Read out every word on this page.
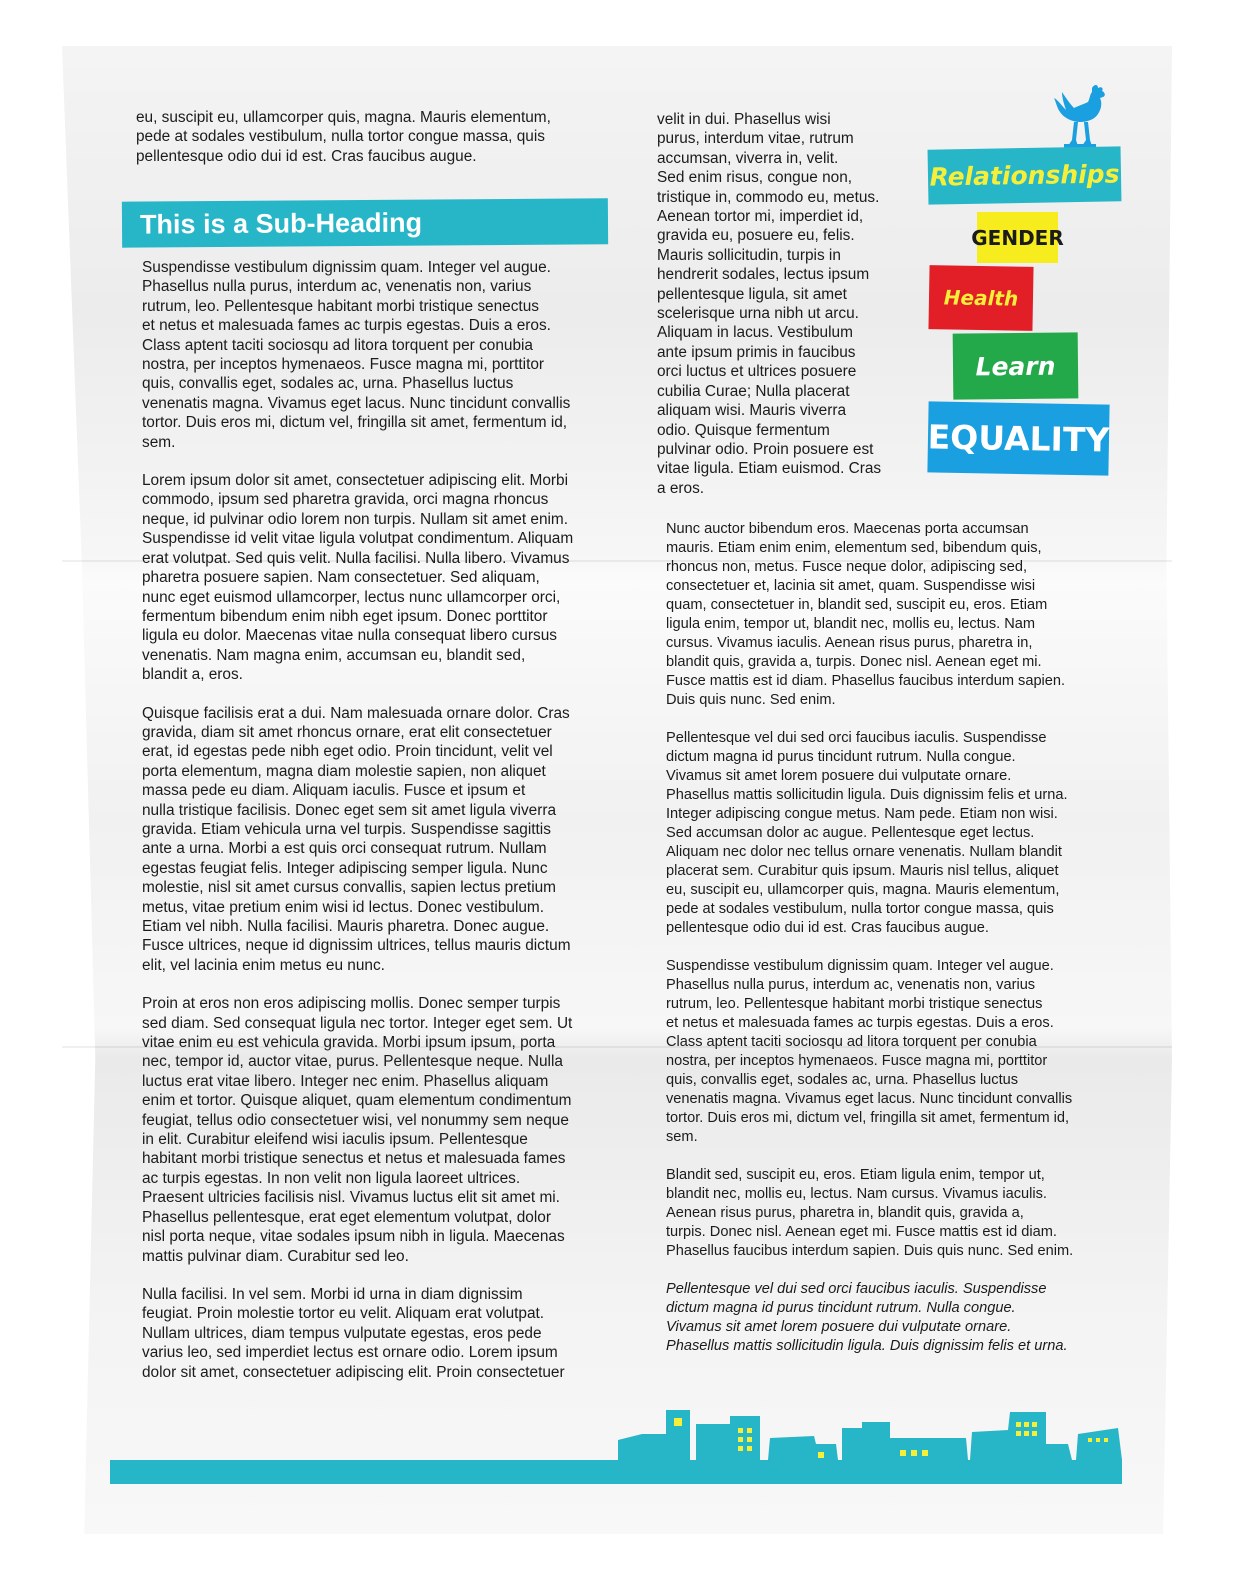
eu, suscipit eu, ullamcorper quis, magna. Mauris elementum,
pede at sodales vestibulum, nulla tortor congue massa, quis
pellentesque odio dui id est. Cras faucibus augue.

This is a Sub-Heading

Suspendisse vestibulum dignissim quam. Integer vel augue.
Phasellus nulla purus, interdum ac, venenatis non, varius
rutrum, leo. Pellentesque habitant morbi tristique senectus
et netus et malesuada fames ac turpis egestas. Duis a eros.
Class aptent taciti sociosqu ad litora torquent per conubia
nostra, per inceptos hymenaeos. Fusce magna mi, porttitor
quis, convallis eget, sodales ac, urna. Phasellus luctus
venenatis magna. Vivamus eget lacus. Nunc tincidunt convallis
tortor. Duis eros mi, dictum vel, fringilla sit amet, fermentum id,
sem.

Lorem ipsum dolor sit amet, consectetuer adipiscing elit. Morbi
commodo, ipsum sed pharetra gravida, orci magna rhoncus
neque, id pulvinar odio lorem non turpis. Nullam sit amet enim.
Suspendisse id velit vitae ligula volutpat condimentum. Aliquam
erat volutpat. Sed quis velit. Nulla facilisi. Nulla libero. Vivamus
pharetra posuere sapien. Nam consectetuer. Sed aliquam,
nunc eget euismod ullamcorper, lectus nunc ullamcorper orci,
fermentum bibendum enim nibh eget ipsum. Donec porttitor
ligula eu dolor. Maecenas vitae nulla consequat libero cursus
venenatis. Nam magna enim, accumsan eu, blandit sed,
blandit a, eros.

Quisque facilisis erat a dui. Nam malesuada ornare dolor. Cras
gravida, diam sit amet rhoncus ornare, erat elit consectetuer
erat, id egestas pede nibh eget odio. Proin tincidunt, velit vel
porta elementum, magna diam molestie sapien, non aliquet
massa pede eu diam. Aliquam iaculis. Fusce et ipsum et
nulla tristique facilisis. Donec eget sem sit amet ligula viverra
gravida. Etiam vehicula urna vel turpis. Suspendisse sagittis
ante a urna. Morbi a est quis orci consequat rutrum. Nullam
egestas feugiat felis. Integer adipiscing semper ligula. Nunc
molestie, nisl sit amet cursus convallis, sapien lectus pretium
metus, vitae pretium enim wisi id lectus. Donec vestibulum.
Etiam vel nibh. Nulla facilisi. Mauris pharetra. Donec augue.
Fusce ultrices, neque id dignissim ultrices, tellus mauris dictum
elit, vel lacinia enim metus eu nunc.

Proin at eros non eros adipiscing mollis. Donec semper turpis
sed diam. Sed consequat ligula nec tortor. Integer eget sem. Ut
vitae enim eu est vehicula gravida. Morbi ipsum ipsum, porta
nec, tempor id, auctor vitae, purus. Pellentesque neque. Nulla
luctus erat vitae libero. Integer nec enim. Phasellus aliquam
enim et tortor. Quisque aliquet, quam elementum condimentum
feugiat, tellus odio consectetuer wisi, vel nonummy sem neque
in elit. Curabitur eleifend wisi iaculis ipsum. Pellentesque
habitant morbi tristique senectus et netus et malesuada fames
ac turpis egestas. In non velit non ligula laoreet ultrices.
Praesent ultricies facilisis nisl. Vivamus luctus elit sit amet mi.
Phasellus pellentesque, erat eget elementum volutpat, dolor
nisl porta neque, vitae sodales ipsum nibh in ligula. Maecenas
mattis pulvinar diam. Curabitur sed leo.

Nulla facilisi. In vel sem. Morbi id urna in diam dignissim
feugiat. Proin molestie tortor eu velit. Aliquam erat volutpat.
Nullam ultrices, diam tempus vulputate egestas, eros pede
varius leo, sed imperdiet lectus est ornare odio. Lorem ipsum
dolor sit amet, consectetuer adipiscing elit. Proin consectetuer

velit in dui. Phasellus wisi
purus, interdum vitae, rutrum
accumsan, viverra in, velit.
Sed enim risus, congue non,
tristique in, commodo eu, metus.
Aenean tortor mi, imperdiet id,
gravida eu, posuere eu, felis.
Mauris sollicitudin, turpis in
hendrerit sodales, lectus ipsum
pellentesque ligula, sit amet
scelerisque urna nibh ut arcu.
Aliquam in lacus. Vestibulum
ante ipsum primis in faucibus
orci luctus et ultrices posuere
cubilia Curae; Nulla placerat
aliquam wisi. Mauris viverra
odio. Quisque fermentum
pulvinar odio. Proin posuere est
vitae ligula. Etiam euismod. Cras
a eros.

Relationships
GENDER
Health
Learn
EQUALITY

Nunc auctor bibendum eros. Maecenas porta accumsan
mauris. Etiam enim enim, elementum sed, bibendum quis,
rhoncus non, metus. Fusce neque dolor, adipiscing sed,
consectetuer et, lacinia sit amet, quam. Suspendisse wisi
quam, consectetuer in, blandit sed, suscipit eu, eros. Etiam
ligula enim, tempor ut, blandit nec, mollis eu, lectus. Nam
cursus. Vivamus iaculis. Aenean risus purus, pharetra in,
blandit quis, gravida a, turpis. Donec nisl. Aenean eget mi.
Fusce mattis est id diam. Phasellus faucibus interdum sapien.
Duis quis nunc. Sed enim.

Pellentesque vel dui sed orci faucibus iaculis. Suspendisse
dictum magna id purus tincidunt rutrum. Nulla congue.
Vivamus sit amet lorem posuere dui vulputate ornare.
Phasellus mattis sollicitudin ligula. Duis dignissim felis et urna.
Integer adipiscing congue metus. Nam pede. Etiam non wisi.
Sed accumsan dolor ac augue. Pellentesque eget lectus.
Aliquam nec dolor nec tellus ornare venenatis. Nullam blandit
placerat sem. Curabitur quis ipsum. Mauris nisl tellus, aliquet
eu, suscipit eu, ullamcorper quis, magna. Mauris elementum,
pede at sodales vestibulum, nulla tortor congue massa, quis
pellentesque odio dui id est. Cras faucibus augue.

Suspendisse vestibulum dignissim quam. Integer vel augue.
Phasellus nulla purus, interdum ac, venenatis non, varius
rutrum, leo. Pellentesque habitant morbi tristique senectus
et netus et malesuada fames ac turpis egestas. Duis a eros.
Class aptent taciti sociosqu ad litora torquent per conubia
nostra, per inceptos hymenaeos. Fusce magna mi, porttitor
quis, convallis eget, sodales ac, urna. Phasellus luctus
venenatis magna. Vivamus eget lacus. Nunc tincidunt convallis
tortor. Duis eros mi, dictum vel, fringilla sit amet, fermentum id,
sem.

Blandit sed, suscipit eu, eros. Etiam ligula enim, tempor ut,
blandit nec, mollis eu, lectus. Nam cursus. Vivamus iaculis.
Aenean risus purus, pharetra in, blandit quis, gravida a,
turpis. Donec nisl. Aenean eget mi. Fusce mattis est id diam.
Phasellus faucibus interdum sapien. Duis quis nunc. Sed enim.

Pellentesque vel dui sed orci faucibus iaculis. Suspendisse
dictum magna id purus tincidunt rutrum. Nulla congue.
Vivamus sit amet lorem posuere dui vulputate ornare.
Phasellus mattis sollicitudin ligula. Duis dignissim felis et urna.
